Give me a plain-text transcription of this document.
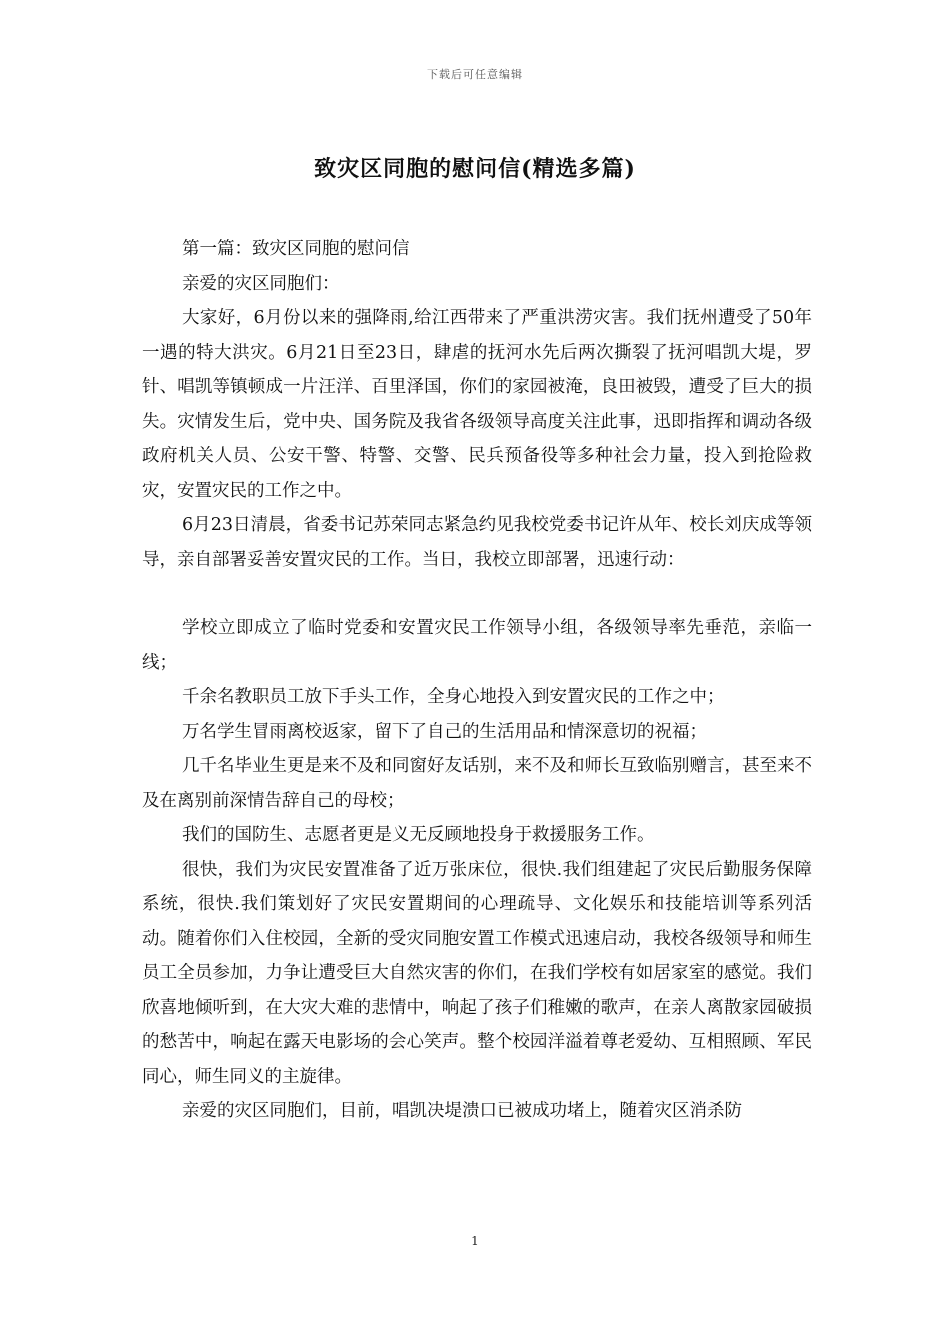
下载后可任意编辑
致灾区同胞的慰问信(精选多篇)

第一篇：致灾区同胞的慰问信

亲爱的灾区同胞们：

大家好，6月份以来的强降雨,给江西带来了严重洪涝灾害。我们抚州遭受了50年一遇的特大洪灾。6月21日至23日，肆虐的抚河水先后两次撕裂了抚河唱凯大堤，罗针、唱凯等镇顿成一片汪洋、百里泽国，你们的家园被淹，良田被毁，遭受了巨大的损失。灾情发生后，党中央、国务院及我省各级领导高度关注此事，迅即指挥和调动各级政府机关人员、公安干警、特警、交警、民兵预备役等多种社会力量，投入到抢险救灾，安置灾民的工作之中。

6月23日清晨，省委书记苏荣同志紧急约见我校党委书记许从年、校长刘庆成等领导，亲自部署妥善安置灾民的工作。当日，我校立即部署，迅速行动：

学校立即成立了临时党委和安置灾民工作领导小组，各级领导率先垂范，亲临一线；

千余名教职员工放下手头工作，全身心地投入到安置灾民的工作之中；

万名学生冒雨离校返家，留下了自己的生活用品和情深意切的祝福；

几千名毕业生更是来不及和同窗好友话别，来不及和师长互致临别赠言，甚至来不及在离别前深情告辞自己的母校；

我们的国防生、志愿者更是义无反顾地投身于救援服务工作。

很快，我们为灾民安置准备了近万张床位，很快.我们组建起了灾民后勤服务保障系统，很快.我们策划好了灾民安置期间的心理疏导、文化娱乐和技能培训等系列活动。随着你们入住校园，全新的受灾同胞安置工作模式迅速启动，我校各级领导和师生员工全员参加，力争让遭受巨大自然灾害的你们，在我们学校有如居家室的感觉。我们欣喜地倾听到，在大灾大难的悲情中，响起了孩子们稚嫩的歌声，在亲人离散家园破损的愁苦中，响起在露天电影场的会心笑声。整个校园洋溢着尊老爱幼、互相照顾、军民同心，师生同义的主旋律。

亲爱的灾区同胞们，目前，唱凯决堤溃口已被成功堵上，随着灾区消杀防

1
